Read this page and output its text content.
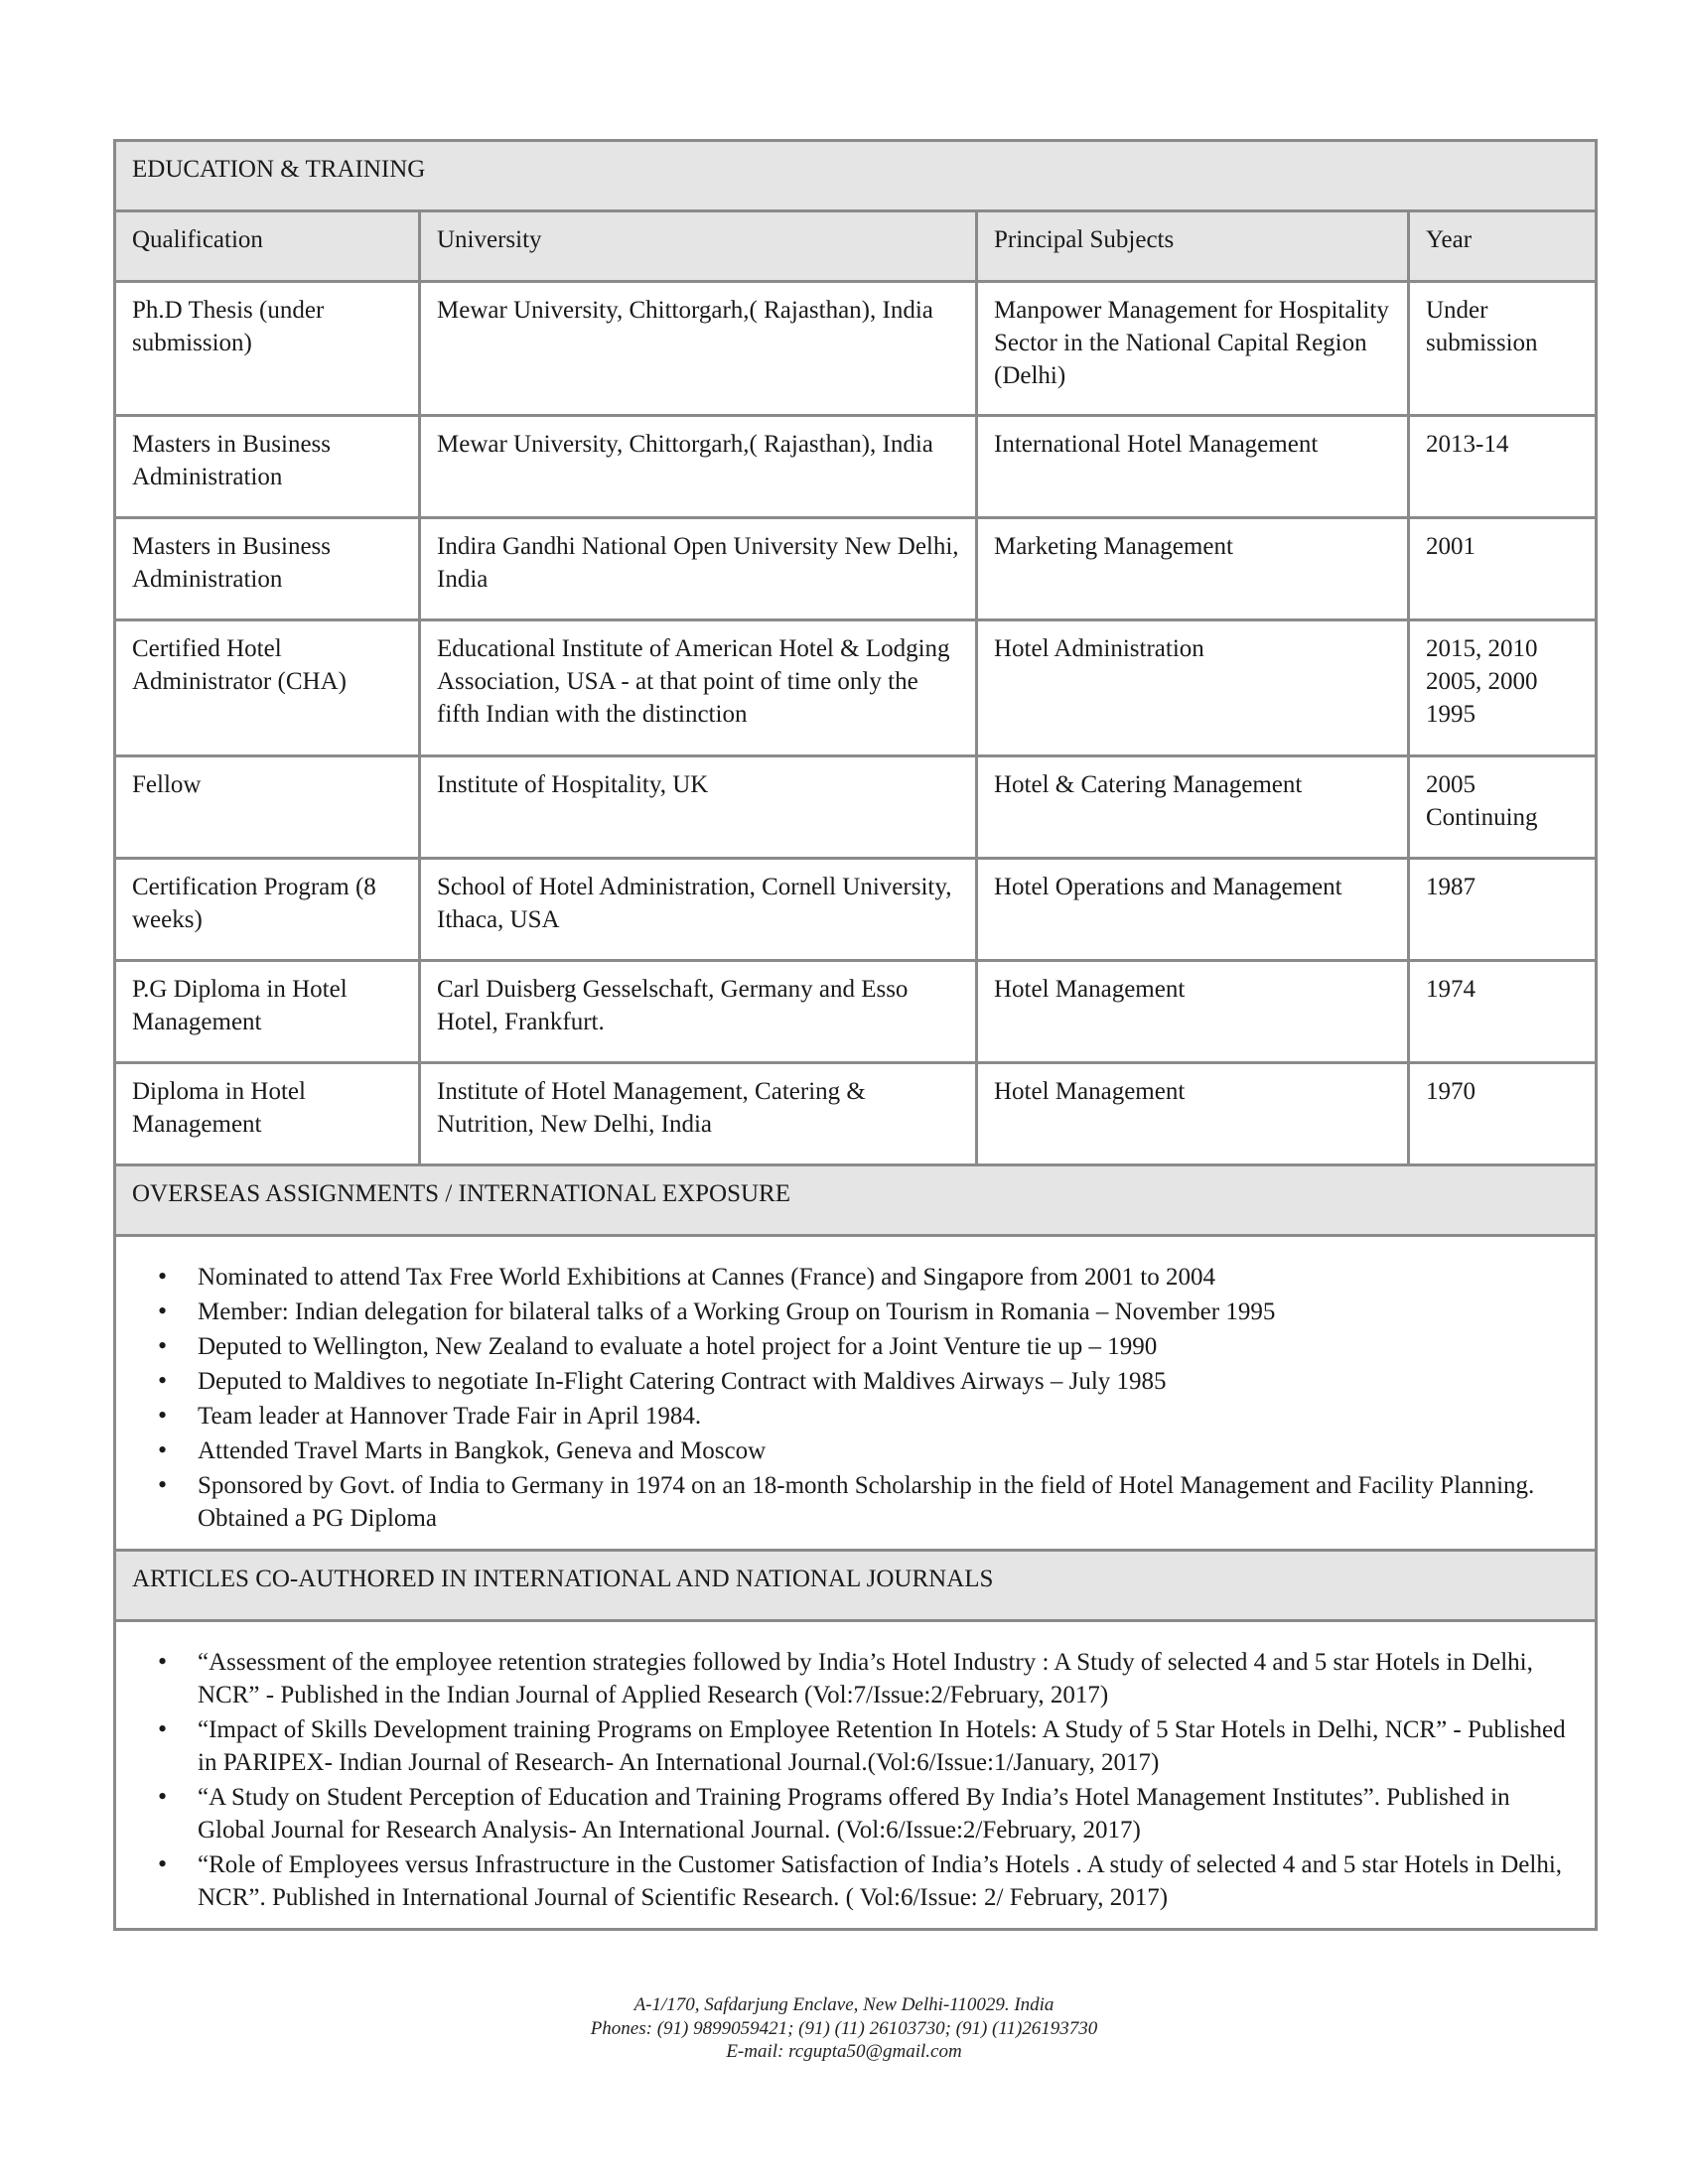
EDUCATION & TRAINING			
Qualification	University	Principal Subjects	Year
Ph.D Thesis (under submission)	Mewar University, Chittorgarh,( Rajasthan), India	Manpower Management for Hospitality Sector in the National Capital Region (Delhi)	Under submission
Masters in Business Administration	Mewar University, Chittorgarh,( Rajasthan), India	International Hotel Management	2013-14
Masters in Business Administration	Indira Gandhi National Open University New Delhi, India	Marketing Management	2001
Certified Hotel Administrator (CHA)	Educational Institute of American Hotel & Lodging Association, USA - at that point of time only the fifth Indian with the distinction	Hotel Administration	2015, 2010 2005, 2000 1995
Fellow	Institute of Hospitality, UK	Hotel & Catering Management	2005 Continuing
Certification Program (8 weeks)	School of Hotel Administration, Cornell University, Ithaca, USA	Hotel Operations and Management	1987
P.G Diploma in Hotel Management	Carl Duisberg Gesselschaft, Germany and Esso Hotel, Frankfurt.	Hotel Management	1974
Diploma in Hotel Management	Institute of Hotel Management, Catering & Nutrition, New Delhi, India	Hotel Management	1970
OVERSEAS ASSIGNMENTS / INTERNATIONAL EXPOSURE			

• Nominated to attend Tax Free World Exhibitions at Cannes (France) and Singapore from 2001 to 2004
• Member: Indian delegation for bilateral talks of a Working Group on Tourism in Romania – November 1995
• Deputed to Wellington, New Zealand to evaluate a hotel project for a Joint Venture tie up – 1990
• Deputed to Maldives to negotiate In-Flight Catering Contract with Maldives Airways – July 1985
• Team leader at Hannover Trade Fair in April 1984.
• Attended Travel Marts in Bangkok, Geneva and Moscow
• Sponsored by Govt. of India to Germany in 1974 on an 18-month Scholarship in the field of Hotel Management and Facility Planning. Obtained a PG Diploma

ARTICLES CO-AUTHORED IN INTERNATIONAL AND NATIONAL JOURNALS			

• “Assessment of the employee retention strategies followed by India’s Hotel Industry : A Study of selected 4 and 5 star Hotels in Delhi, NCR” - Published in the Indian Journal of Applied Research (Vol:7/Issue:2/February, 2017)
• “Impact of Skills Development training Programs on Employee Retention In Hotels: A Study of 5 Star Hotels in Delhi, NCR” - Published in PARIPEX- Indian Journal of Research- An International Journal.(Vol:6/Issue:1/January, 2017)
• “A Study on Student Perception of Education and Training Programs offered By India’s Hotel Management Institutes”. Published in Global Journal for Research Analysis- An International Journal. (Vol:6/Issue:2/February, 2017)
• “Role of Employees versus Infrastructure in the Customer Satisfaction of India’s Hotels . A study of selected 4 and 5 star Hotels in Delhi, NCR”. Published in International Journal of Scientific Research. ( Vol:6/Issue: 2/ February, 2017)
A-1/170, Safdarjung Enclave, New Delhi-110029. India
Phones: (91) 9899059421; (91) (11) 26103730; (91) (11)26193730
E-mail: rcgupta50@gmail.com
